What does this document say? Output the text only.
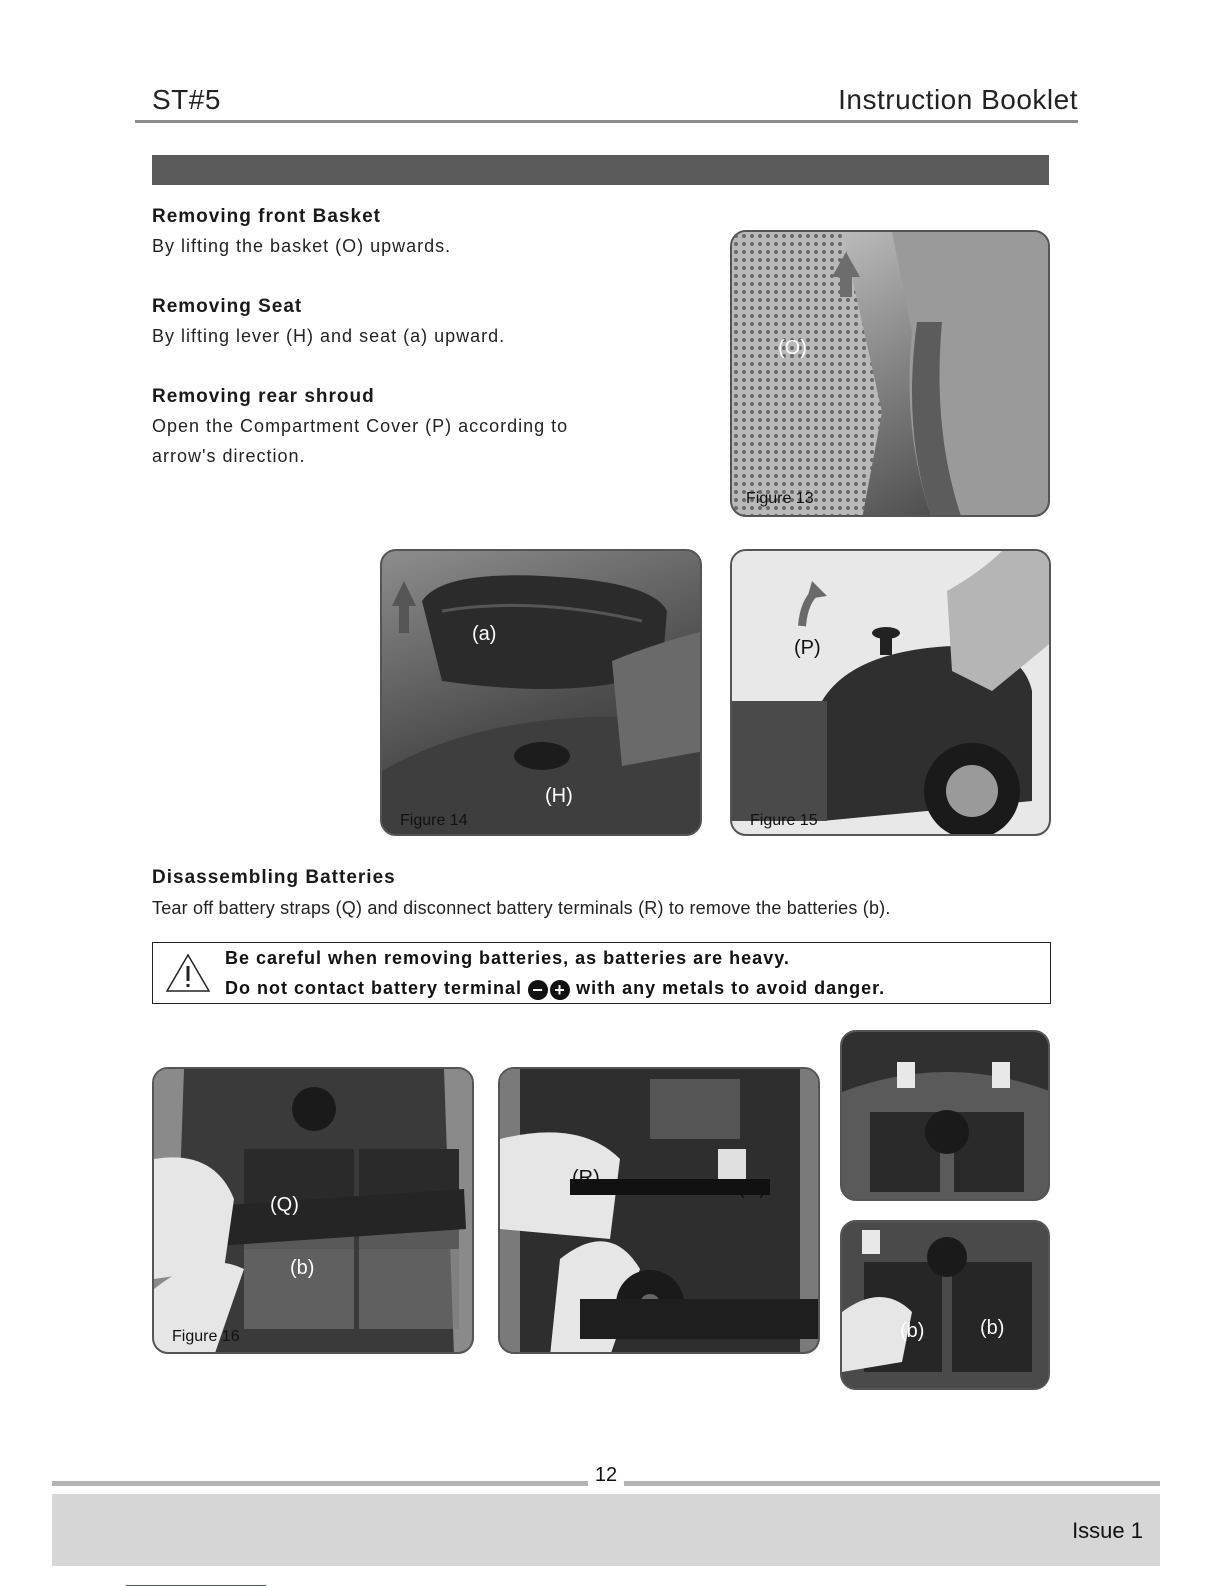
ST#5	Instruction Booklet
Removing front Basket
By lifting the basket (O) upwards.
Removing Seat
By lifting lever (H) and seat (a) upward.
Removing rear shroud
Open the Compartment Cover (P) according to
arrow's direction.
(O)
Figure 13
(a)
(H)
Figure 14
(P)
Figure 15
Disassembling Batteries
Tear off battery straps (Q) and disconnect battery terminals (R) to remove the batteries (b).
Be careful when removing batteries, as batteries are heavy.
Do not contact battery terminal − + with any metals to avoid danger.
(Q)
(b)
Figure 16
(R)	(R)
(b)	(b)
12
Issue 1
